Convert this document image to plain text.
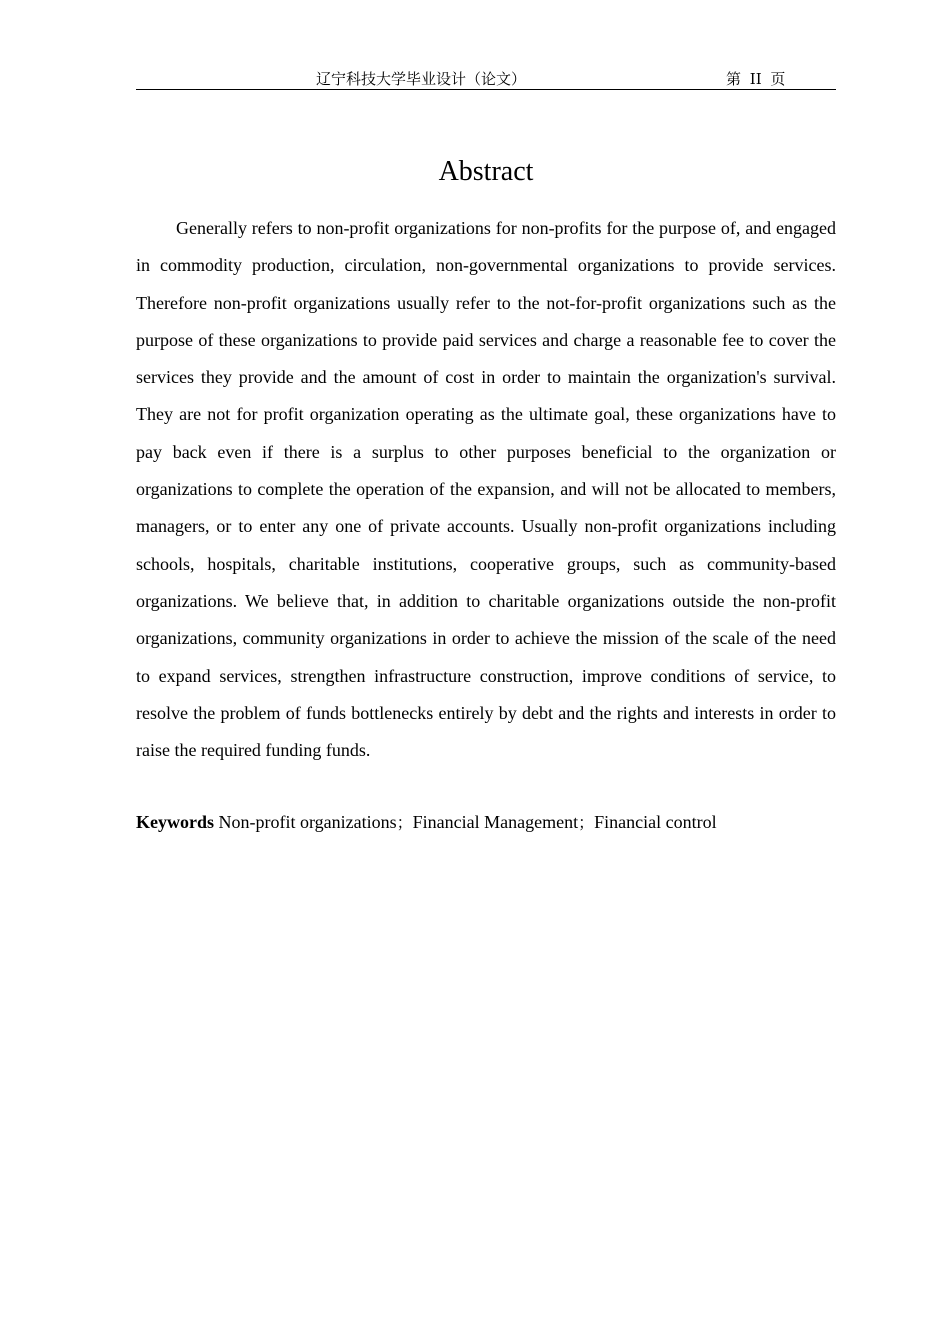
辽宁科技大学毕业设计（论文）	第 II 页
Abstract

Generally refers to non-profit organizations for non-profits for the purpose of, and engaged in commodity production, circulation, non-governmental organizations to provide services. Therefore non-profit organizations usually refer to the not-for-profit organizations such as the purpose of these organizations to provide paid services and charge a reasonable fee to cover the services they provide and the amount of cost in order to maintain the organization's survival. They are not for profit organization operating as the ultimate goal, these organizations have to pay back even if there is a surplus to other purposes beneficial to the organization or organizations to complete the operation of the expansion, and will not be allocated to members, managers, or to enter any one of private accounts. Usually non-profit organizations including schools, hospitals, charitable institutions, cooperative groups, such as community-based organizations. We believe that, in addition to charitable organizations outside the non-profit organizations, community organizations in order to achieve the mission of the scale of the need to expand services, strengthen infrastructure construction, improve conditions of service, to resolve the problem of funds bottlenecks entirely by debt and the rights and interests in order to raise the required funding funds.

Keywords Non-profit organizations；Financial Management；Financial control
